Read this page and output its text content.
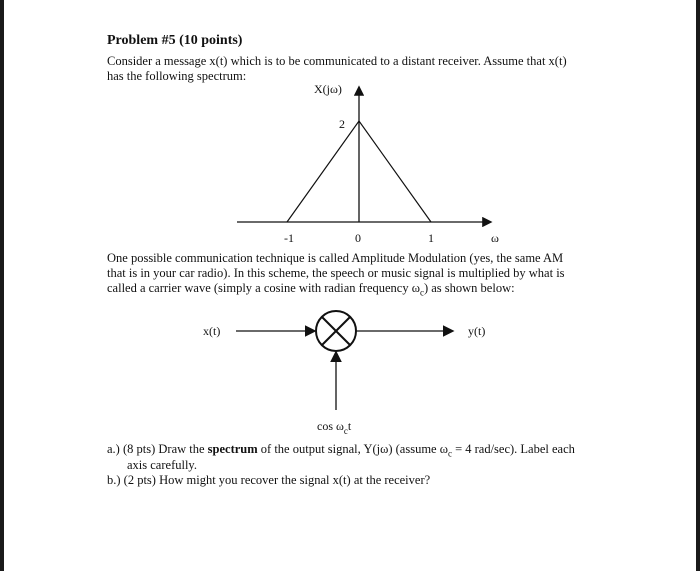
Problem #5 (10 points)
Consider a message x(t) which is to be communicated to a distant receiver. Assume that x(t)
has the following spectrum:
X(jω)
2
-1	0	1	ω
One possible communication technique is called Amplitude Modulation (yes, the same AM
that is in your car radio). In this scheme, the speech or music signal is multiplied by what is
called a carrier wave (simply a cosine with radian frequency $\omega_c$) as shown below:
x(t)	y(t)
$\cos \omega_ct$
a.) (8 pts) Draw the spectrum of the output signal, Y(jω) (assume $\omega_c = 4$ rad/sec). Label each
axis carefully.
b.) (2 pts) How might you recover the signal x(t) at the receiver?
